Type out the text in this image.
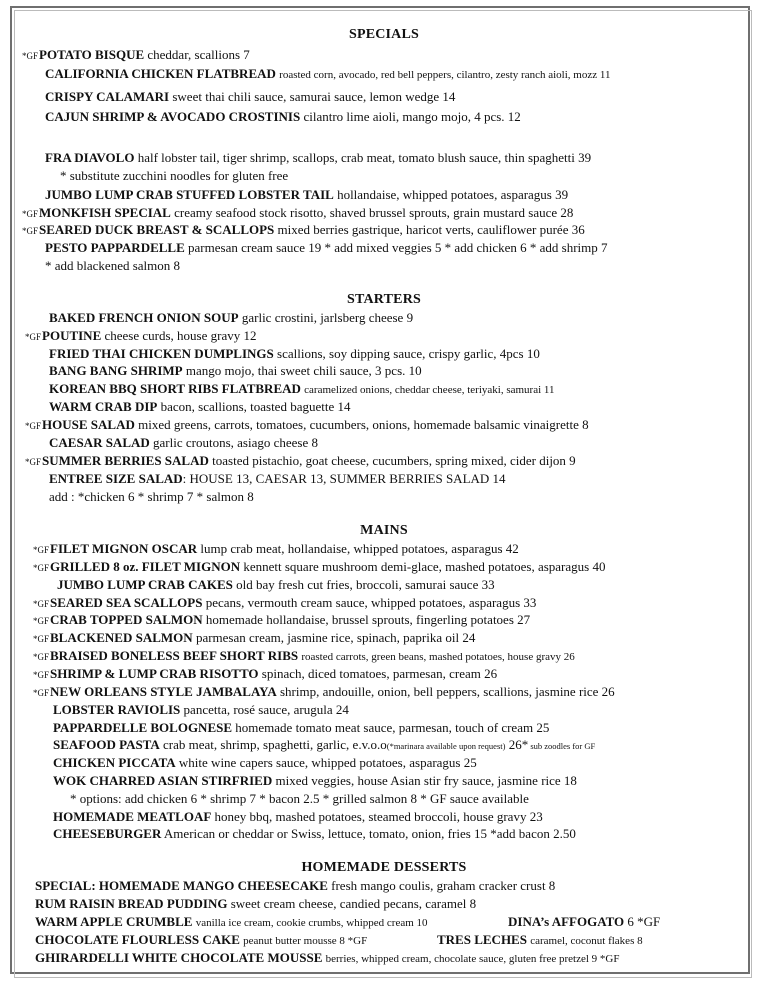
SPECIALS
*GFPOTATO BISQUE cheddar, scallions 7
CALIFORNIA CHICKEN FLATBREAD roasted corn, avocado, red bell peppers, cilantro, zesty ranch aioli, mozz 11
CRISPY CALAMARI sweet thai chili sauce, samurai sauce, lemon wedge 14
CAJUN SHRIMP & AVOCADO CROSTINIS cilantro lime aioli, mango mojo, 4 pcs. 12
FRA DIAVOLO half lobster tail, tiger shrimp, scallops, crab meat, tomato blush sauce, thin spaghetti 39
* substitute zucchini noodles for gluten free
JUMBO LUMP CRAB STUFFED LOBSTER TAIL hollandaise, whipped potatoes, asparagus 39
*GFMONKFISH SPECIAL creamy seafood stock risotto, shaved brussel sprouts, grain mustard sauce 28
*GFSEARED DUCK BREAST & SCALLOPS mixed berries gastrique, haricot verts, cauliflower purée 36
PESTO PAPPARDELLE parmesan cream sauce 19 * add mixed veggies 5 * add chicken 6 * add shrimp 7
* add blackened salmon 8
STARTERS
BAKED FRENCH ONION SOUP garlic crostini, jarlsberg cheese 9
*GFPOUTINE cheese curds, house gravy 12
FRIED THAI CHICKEN DUMPLINGS scallions, soy dipping sauce, crispy garlic, 4pcs 10
BANG BANG SHRIMP mango mojo, thai sweet chili sauce, 3 pcs. 10
KOREAN BBQ SHORT RIBS FLATBREAD caramelized onions, cheddar cheese, teriyaki, samurai 11
WARM CRAB DIP bacon, scallions, toasted baguette 14
*GFHOUSE SALAD mixed greens, carrots, tomatoes, cucumbers, onions, homemade balsamic vinaigrette 8
CAESAR SALAD garlic croutons, asiago cheese 8
*GFSUMMER BERRIES SALAD toasted pistachio, goat cheese, cucumbers, spring mixed, cider dijon 9
ENTREE SIZE SALAD: HOUSE 13, CAESAR 13, SUMMER BERRIES SALAD 14
add : *chicken 6 * shrimp 7 * salmon 8
MAINS
*GFFILET MIGNON OSCAR lump crab meat, hollandaise, whipped potatoes, asparagus 42
*GFGRILLED 8 oz. FILET MIGNON kennett square mushroom demi-glace, mashed potatoes, asparagus 40
JUMBO LUMP CRAB CAKES old bay fresh cut fries, broccoli, samurai sauce 33
*GFSEARED SEA SCALLOPS pecans, vermouth cream sauce, whipped potatoes, asparagus 33
*GFCRAB TOPPED SALMON homemade hollandaise, brussel sprouts, fingerling potatoes 27
*GFBLACKENED SALMON parmesan cream, jasmine rice, spinach, paprika oil 24
*GFBRAISED BONELESS BEEF SHORT RIBS roasted carrots, green beans, mashed potatoes, house gravy 26
*GFSHRIMP & LUMP CRAB RISOTTO spinach, diced tomatoes, parmesan, cream 26
*GFNEW ORLEANS STYLE JAMBALAYA shrimp, andouille, onion, bell peppers, scallions, jasmine rice 26
LOBSTER RAVIOLIS pancetta, rosé sauce, arugula 24
PAPPARDELLE BOLOGNESE homemade tomato meat sauce, parmesan, touch of cream 25
SEAFOOD PASTA crab meat, shrimp, spaghetti, garlic, e.v.o.o(*marinara available upon request) 26* sub zoodles for GF
CHICKEN PICCATA white wine capers sauce, whipped potatoes, asparagus 25
WOK CHARRED ASIAN STIRFRIED mixed veggies, house Asian stir fry sauce, jasmine rice 18
* options: add chicken 6 * shrimp 7 * bacon 2.5 * grilled salmon 8 * GF sauce available
HOMEMADE MEATLOAF honey bbq, mashed potatoes, steamed broccoli, house gravy 23
CHEESEBURGER American or cheddar or Swiss, lettuce, tomato, onion, fries 15 *add bacon 2.50
HOMEMADE DESSERTS
SPECIAL: HOMEMADE MANGO CHEESECAKE fresh mango coulis, graham cracker crust 8
RUM RAISIN BREAD PUDDING sweet cream cheese, candied pecans, caramel 8
WARM APPLE CRUMBLE vanilla ice cream, cookie crumbs, whipped cream 10	DINA’s AFFOGATO 6 *GF
CHOCOLATE FLOURLESS CAKE peanut butter mousse 8 *GF	TRES LECHES caramel, coconut flakes 8
GHIRARDELLI WHITE CHOCOLATE MOUSSE berries, whipped cream, chocolate sauce, gluten free pretzel 9 *GF
